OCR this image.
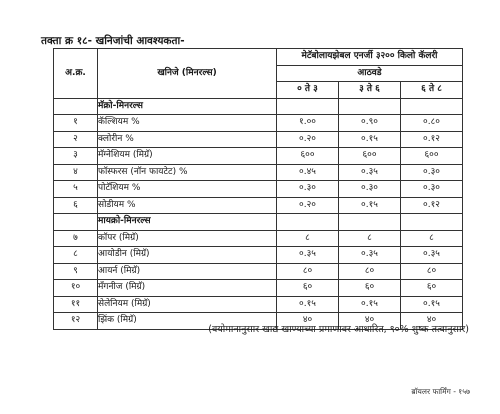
तक्ता क्र १८- खनिजांची आवश्यकता-
अ.क्र.	खनिजे (मिनरल्स)	मेटॅबोलायझेबल एनर्जी ३२०० किलो कॅलरी		
		आठवडे		
		० ते ३	३ ते ६	६ ते ८
	मॅक्रो-मिनरल्स			
१	कॅल्शियम %	१.००	०.९०	०.८०
२	क्लोरीन %	०.२०	०.१५	०.१२
३	मॅग्नेशियम (मिग्रॅ)	६००	६००	६००
४	फॉस्फरस (नॉन फायटेट) %	०.४५	०.३५	०.३०
५	पोटॅशियम %	०.३०	०.३०	०.३०
६	सोडीयम %	०.२०	०.१५	०.१२
	मायक्रो-मिनरल्स			
७	कॉपर (मिग्रॅ)	८	८	८
८	आयोडीन (मिग्रॅ)	०.३५	०.३५	०.३५
९	आयर्न (मिग्रॅ)	८०	८०	८०
१०	मॅंगनीज (मिग्रॅ)	६०	६०	६०
११	सेलेनियम (मिग्रॅ)	०.१५	०.१५	०.१५
१२	झिंक (मिग्रॅ)	४०	४०	४०
(वयोमानानुसार खाद्य खाण्याच्या प्रमाणावर आधारित, ९०% शुष्क तत्वानुसार)
ब्रॉयलर फार्मिंग - १५७
